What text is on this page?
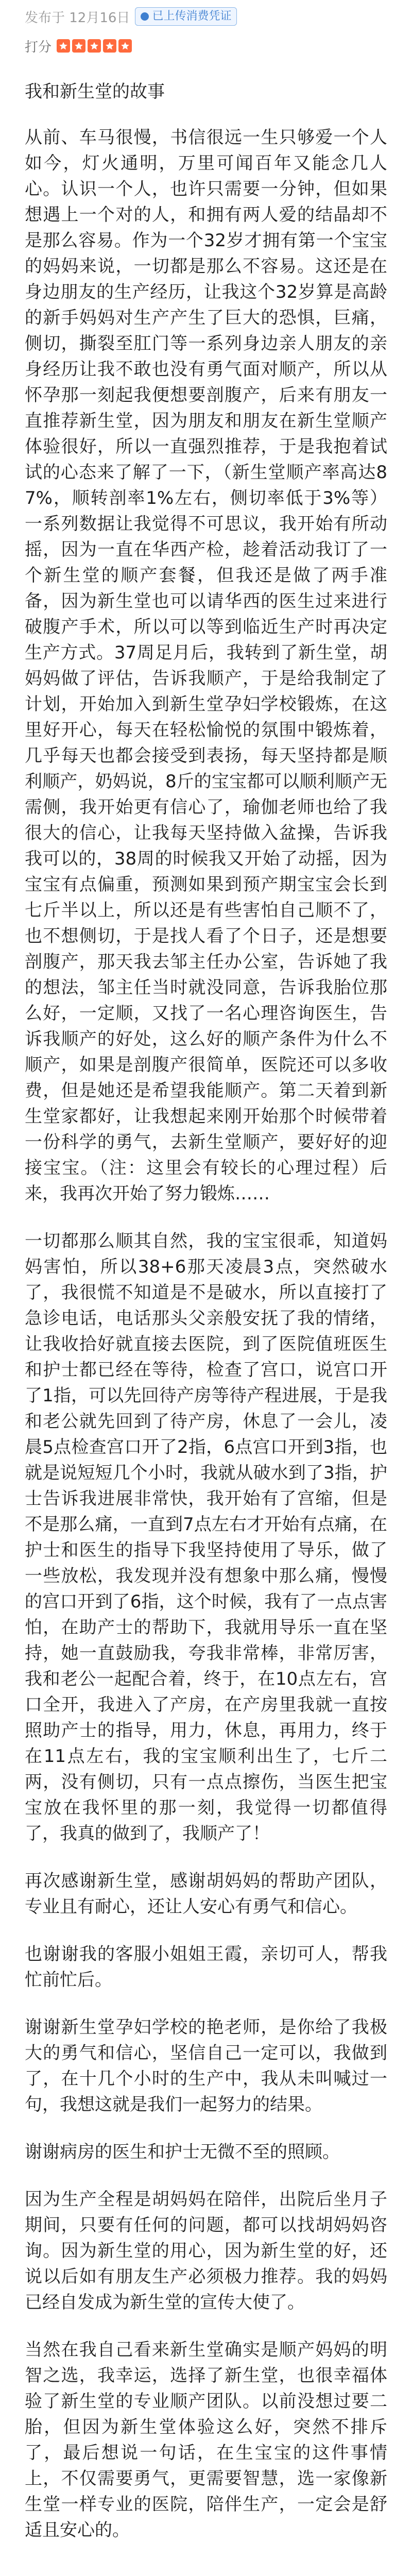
发布于 12月16日 已上传消费凭证
打分
我和新生堂的故事

从前、车马很慢，书信很远一生只够爱一个人如今，灯火通明，万里可闻百年又能念几人心。认识一个人，也许只需要一分钟，但如果想遇上一个对的人，和拥有两人爱的结晶却不是那么容易。作为一个32岁才拥有第一个宝宝的妈妈来说，一切都是那么不容易。这还是在身边朋友的生产经历，让我这个32岁算是高龄的新手妈妈对生产产生了巨大的恐惧，巨痛，侧切，撕裂至肛门等一系列身边亲人朋友的亲身经历让我不敢也没有勇气面对顺产，所以从怀孕那一刻起我便想要剖腹产，后来有朋友一直推荐新生堂，因为朋友和朋友在新生堂顺产体验很好，所以一直强烈推荐，于是我抱着试试的心态来了解了一下，（新生堂顺产率高达87%，顺转剖率1%左右，侧切率低于3%等）一系列数据让我觉得不可思议，我开始有所动摇，因为一直在华西产检，趁着活动我订了一个新生堂的顺产套餐，但我还是做了两手准备，因为新生堂也可以请华西的医生过来进行破腹产手术，所以可以等到临近生产时再决定生产方式。37周足月后，我转到了新生堂，胡妈妈做了评估，告诉我顺产，于是给我制定了计划，开始加入到新生堂孕妇学校锻炼，在这里好开心，每天在轻松愉悦的氛围中锻炼着，几乎每天也都会接受到表扬，每天坚持都是顺利顺产，奶妈说，8斤的宝宝都可以顺利顺产无需侧，我开始更有信心了，瑜伽老师也给了我很大的信心，让我每天坚持做入盆操，告诉我我可以的，38周的时候我又开始了动摇，因为宝宝有点偏重，预测如果到预产期宝宝会长到七斤半以上，所以还是有些害怕自己顺不了，也不想侧切，于是找人看了个日子，还是想要剖腹产，那天我去邹主任办公室，告诉她了我的想法，邹主任当时就没同意，告诉我胎位那么好，一定顺，又找了一名心理咨询医生，告诉我顺产的好处，这么好的顺产条件为什么不顺产，如果是剖腹产很简单，医院还可以多收费，但是她还是希望我能顺产。第二天着到新生堂家都好，让我想起来刚开始那个时候带着一份科学的勇气，去新生堂顺产，要好好的迎接宝宝。（注：这里会有较长的心理过程）后来，我再次开始了努力锻炼……

一切都那么顺其自然，我的宝宝很乖，知道妈妈害怕，所以38+6那天凌晨3点，突然破水了，我很慌不知道是不是破水，所以直接打了急诊电话，电话那头父亲般安抚了我的情绪，让我收拾好就直接去医院，到了医院值班医生和护士都已经在等待，检查了宫口，说宫口开了1指，可以先回待产房等待产程进展，于是我和老公就先回到了待产房，休息了一会儿，凌晨5点检查宫口开了2指，6点宫口开到3指，也就是说短短几个小时，我就从破水到了3指，护士告诉我进展非常快，我开始有了宫缩，但是不是那么痛，一直到7点左右才开始有点痛，在护士和医生的指导下我坚持使用了导乐，做了一些放松，我发现并没有想象中那么痛，慢慢的宫口开到了6指，这个时候，我有了一点点害怕，在助产士的帮助下，我就用导乐一直在坚持，她一直鼓励我，夸我非常棒，非常厉害，我和老公一起配合着，终于，在10点左右，宫口全开，我进入了产房，在产房里我就一直按照助产士的指导，用力，休息，再用力，终于在11点左右，我的宝宝顺利出生了，七斤二两，没有侧切，只有一点点擦伤，当医生把宝宝放在我怀里的那一刻，我觉得一切都值得了，我真的做到了，我顺产了！

再次感谢新生堂，感谢胡妈妈的帮助产团队，专业且有耐心，还让人安心有勇气和信心。

也谢谢我的客服小姐姐王霞，亲切可人，帮我忙前忙后。

谢谢新生堂孕妇学校的艳老师，是你给了我极大的勇气和信心，坚信自己一定可以，我做到了，在十几个小时的生产中，我从未叫喊过一句，我想这就是我们一起努力的结果。

谢谢病房的医生和护士无微不至的照顾。

因为生产全程是胡妈妈在陪伴，出院后坐月子期间，只要有任何的问题，都可以找胡妈妈咨询。因为新生堂的用心，因为新生堂的好，还说以后如有朋友生产必须极力推荐。我的妈妈已经自发成为新生堂的宣传大使了。

当然在我自己看来新生堂确实是顺产妈妈的明智之选，我幸运，选择了新生堂，也很幸福体验了新生堂的专业顺产团队。以前没想过要二胎，但因为新生堂体验这么好，突然不排斥了，最后想说一句话，在生宝宝的这件事情上，不仅需要勇气，更需要智慧，选一家像新生堂一样专业的医院，陪伴生产，一定会是舒适且安心的。
